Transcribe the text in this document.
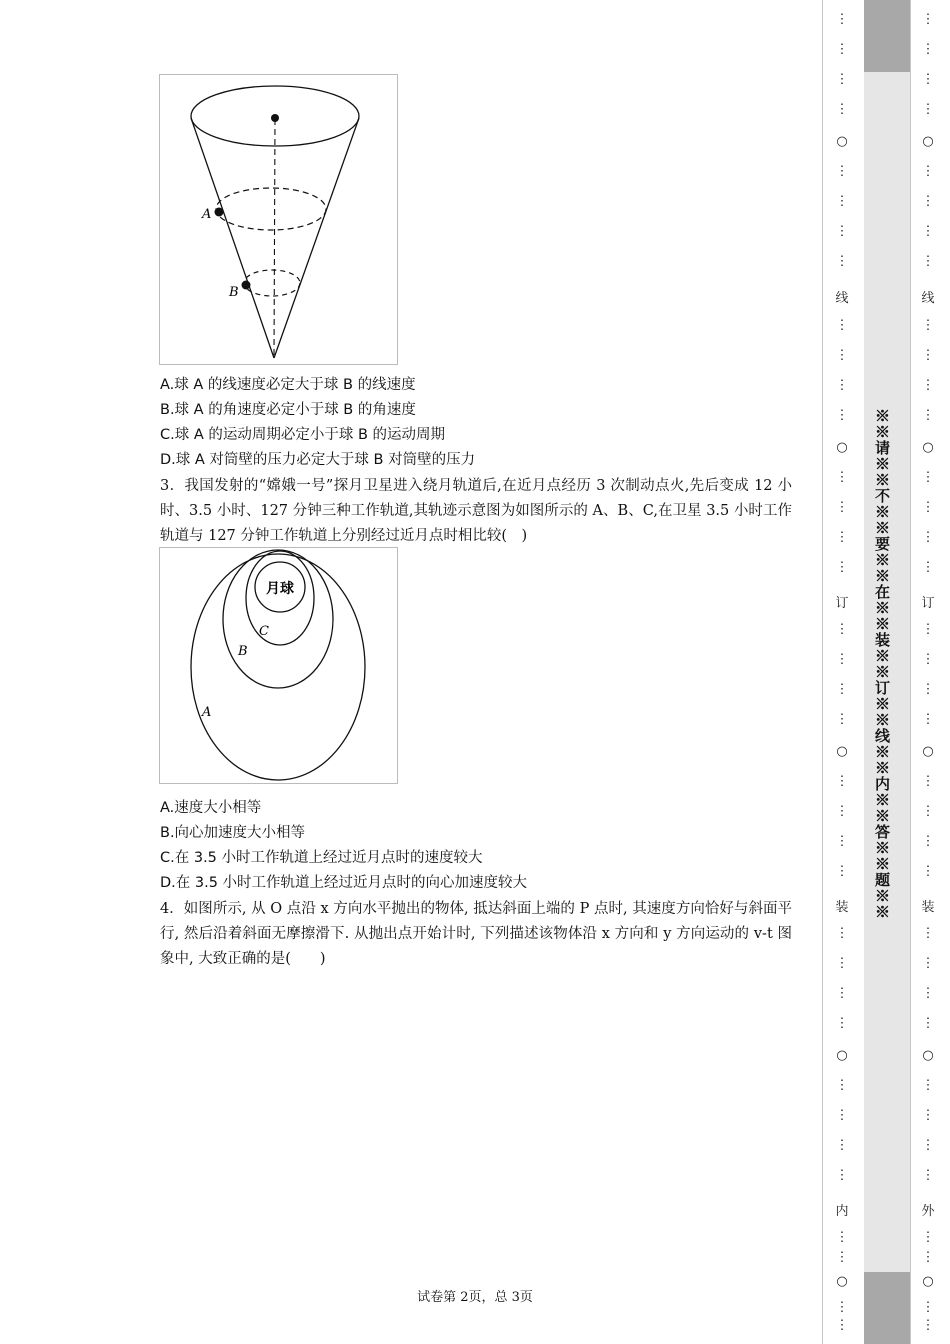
A
B
A.球 A 的线速度必定大于球 B 的线速度
B.球 A 的角速度必定小于球 B 的角速度
C.球 A 的运动周期必定小于球 B 的运动周期
D.球 A 对筒壁的压力必定大于球 B 对筒壁的压力
3．我国发射的“嫦娥一号”探月卫星进入绕月轨道后,在近月点经历 3 次制动点火,先后变成 12 小时、3.5 小时、127 分钟三种工作轨道,其轨迹示意图为如图所示的 A、B、C,在卫星 3.5 小时工作轨道与 127 分钟工作轨道上分别经过近月点时相比较(　)
月球
C
B
A
A.速度大小相等
B.向心加速度大小相等
C.在 3.5 小时工作轨道上经过近月点时的速度较大
D.在 3.5 小时工作轨道上经过近月点时的向心加速度较大
4．如图所示, 从 O 点沿 x 方向水平抛出的物体, 抵达斜面上端的 P 点时, 其速度方向恰好与斜面平行, 然后沿着斜面无摩擦滑下. 从抛出点开始计时, 下列描述该物体沿 x 方向和 y 方向运动的 v-t 图象中, 大致正确的是(　　)
试卷第 2页，总 3页
※※请※※不※※要※※在※※装※※订※※线※※内※※答※※题※※
⋮
⋮
⋮
⋮
○
⋮
⋮
⋮
⋮
线
⋮
⋮
⋮
⋮
○
⋮
⋮
⋮
⋮
订
⋮
⋮
⋮
⋮
○
⋮
⋮
⋮
⋮
装
⋮
⋮
⋮
⋮
○
⋮
⋮
⋮
⋮
内
⋮
⋮
○
⋮
⋮
⋮
⋮
⋮
⋮
○
⋮
⋮
⋮
⋮
线
⋮
⋮
⋮
⋮
○
⋮
⋮
⋮
⋮
订
⋮
⋮
⋮
⋮
○
⋮
⋮
⋮
⋮
装
⋮
⋮
⋮
⋮
○
⋮
⋮
⋮
⋮
外
⋮
⋮
○
⋮
⋮
